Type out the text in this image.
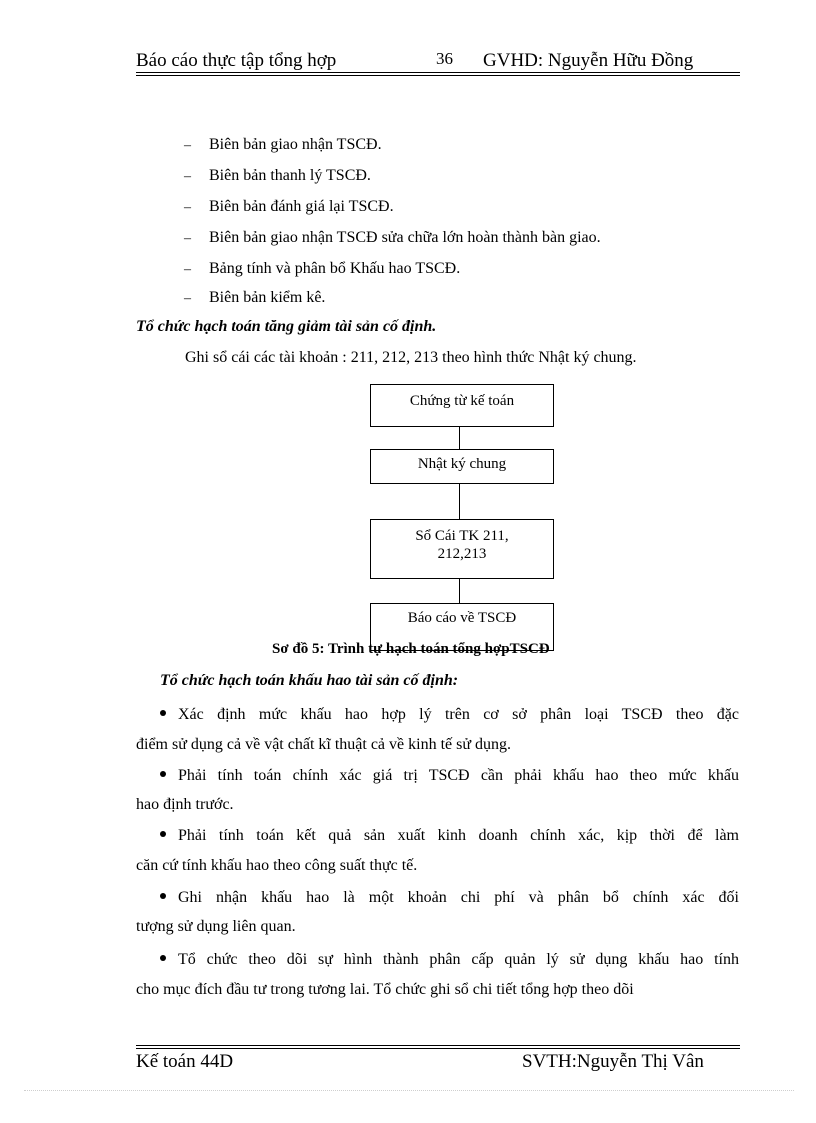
Báo cáo thực tập tổng hợp	36 GVHD: Nguyễn Hữu Đồng
– Biên bản giao nhận TSCĐ.
– Biên bản thanh lý TSCĐ.
– Biên bản đánh giá lại TSCĐ.
– Biên bản giao nhận TSCĐ sửa chữa lớn hoàn thành bàn giao.
– Bảng tính và phân bổ Khấu hao TSCĐ.
– Biên bản kiểm kê.
Tổ chức hạch toán tăng giảm tài sản cố định.
Ghi sổ cái các tài khoản : 211, 212, 213 theo hình thức Nhật ký chung.
Chứng từ kế toán
Nhật ký chung
Sổ Cái TK 211,
212,213
Báo cáo về TSCĐ
Sơ đồ 5: Trình tự hạch toán tổng hợpTSCĐ
Tổ chức hạch toán khấu hao tài sản cố định:
Xác định mức khấu hao hợp lý trên cơ sở phân loại TSCĐ theo đặc
điểm sử dụng cả về vật chất kĩ thuật cả về kinh tế sử dụng.
Phải tính toán chính xác giá trị TSCĐ cần phải khấu hao theo mức khấu
hao định trước.
Phải tính toán kết quả sản xuất kinh doanh chính xác, kịp thời để làm
căn cứ tính khấu hao theo công suất thực tế.
Ghi nhận khấu hao là một khoản chi phí và phân bổ chính xác đối
tượng sử dụng liên quan.
Tổ chức theo dõi sự hình thành phân cấp quản lý sử dụng khấu hao tính
cho mục đích đầu tư trong tương lai. Tổ chức ghi sổ chi tiết tổng hợp theo dõi
Kế toán 44D	SVTH:Nguyễn Thị Vân
